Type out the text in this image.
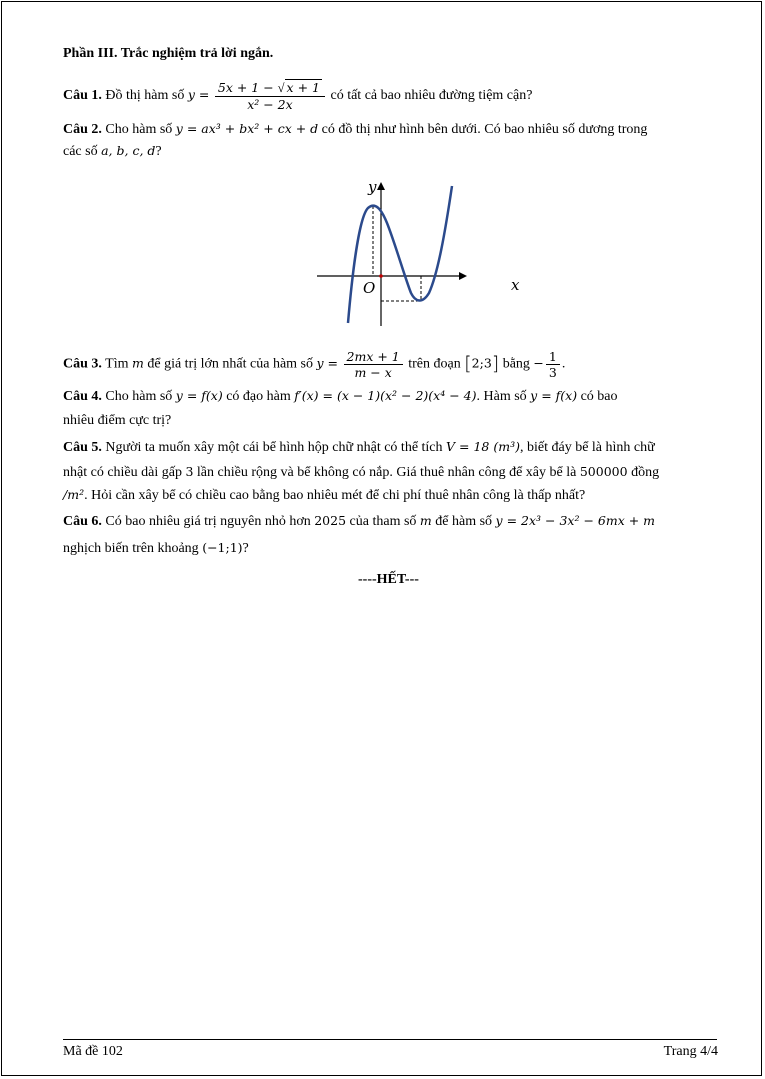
Phần III. Trắc nghiệm trả lời ngắn.
Câu 1. Đồ thị hàm số $y = \frac{5x + 1 - √ x + 1}{\text{x² − 2x}}$ có tất cả bao nhiêu đường tiệm cận?
Câu 2. Cho hàm số y = ax³ + bx² + cx + d có đồ thị như hình bên dưới. Có bao nhiêu số dương trong
các số a, b, c, d?
y
x
O
Câu 3. Tìm m để giá trị lớn nhất của hàm số $y = \frac{2mx + 1}{m - x}$ trên đoạn [2;3] bằng − $\frac{1}{3}$ .
Câu 4. Cho hàm số y = f(x) có đạo hàm f′(x) = (x − 1)(x² − 2)(x⁴ − 4). Hàm số y = f(x) có bao
nhiêu điểm cực trị?
Câu 5. Người ta muốn xây một cái bể hình hộp chữ nhật có thể tích V = 18 (m³), biết đáy bể là hình chữ
nhật có chiều dài gấp 3 lần chiều rộng và bể không có nắp. Giá thuê nhân công để xây bể là 500000 đồng
/m². Hỏi cần xây bể có chiều cao bằng bao nhiêu mét để chi phí thuê nhân công là thấp nhất?
Câu 6. Có bao nhiêu giá trị nguyên nhỏ hơn 2025 của tham số m để hàm số y = 2x³ − 3x² − 6mx + m
nghịch biến trên khoảng (−1;1)?
----HẾT---
Mã đề 102	Trang 4/4
